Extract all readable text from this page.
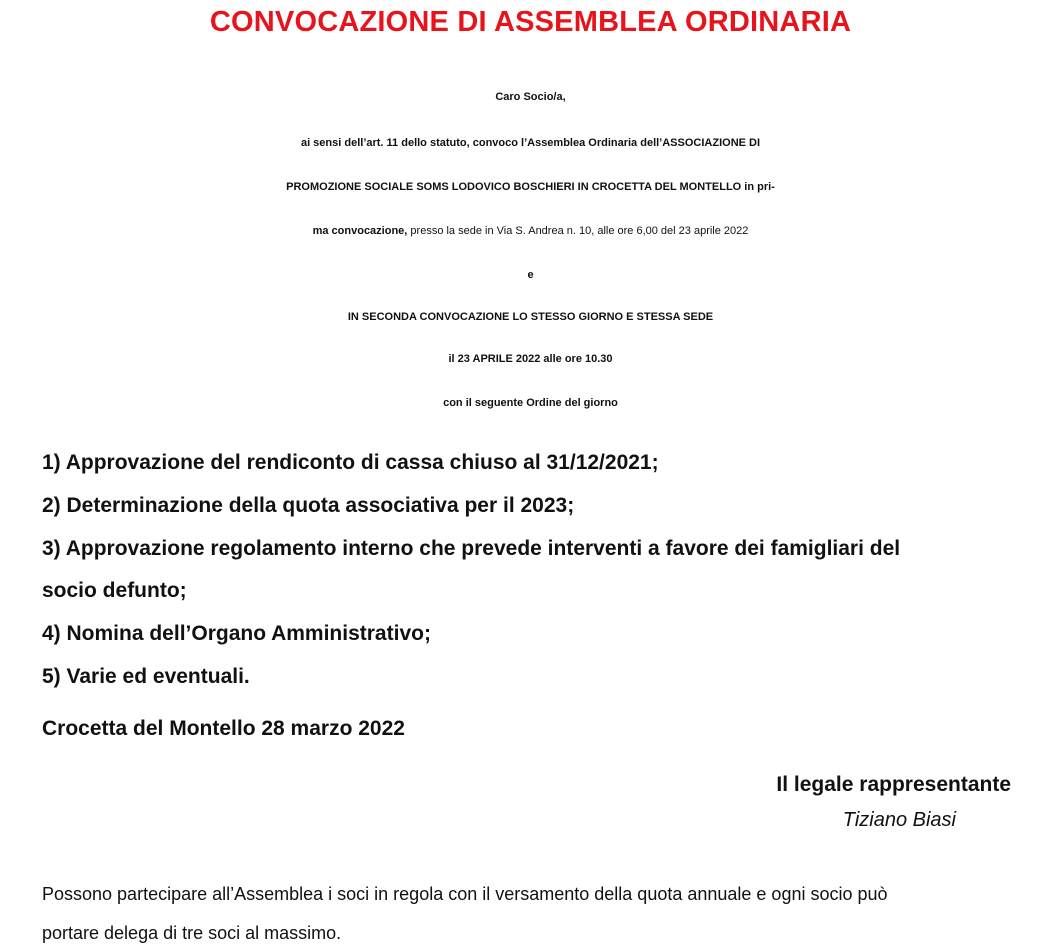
CONVOCAZIONE DI ASSEMBLEA ORDINARIA
Caro Socio/a,
ai sensi dell’art. 11 dello statuto, convoco l’Assemblea Ordinaria dell’ASSOCIAZIONE DI
PROMOZIONE SOCIALE SOMS LODOVICO BOSCHIERI IN CROCETTA DEL MONTELLO in pri-
ma convocazione, presso la sede in Via S. Andrea n. 10, alle ore 6,00 del 23 aprile 2022
e
IN SECONDA CONVOCAZIONE LO STESSO GIORNO E STESSA SEDE
il 23 APRILE 2022 alle ore 10.30
con il seguente Ordine del giorno
1) Approvazione del rendiconto di cassa chiuso al 31/12/2021;
2) Determinazione della quota associativa per il 2023;
3) Approvazione regolamento interno che prevede interventi a favore dei famigliari del
socio defunto;
4) Nomina dell’Organo Amministrativo;
5) Varie ed eventuali.
Crocetta del Montello 28 marzo 2022
Il legale rappresentante
Tiziano Biasi
Possono partecipare all’Assemblea i soci in regola con il versamento della quota annuale e ogni socio può
portare delega di tre soci al massimo.
